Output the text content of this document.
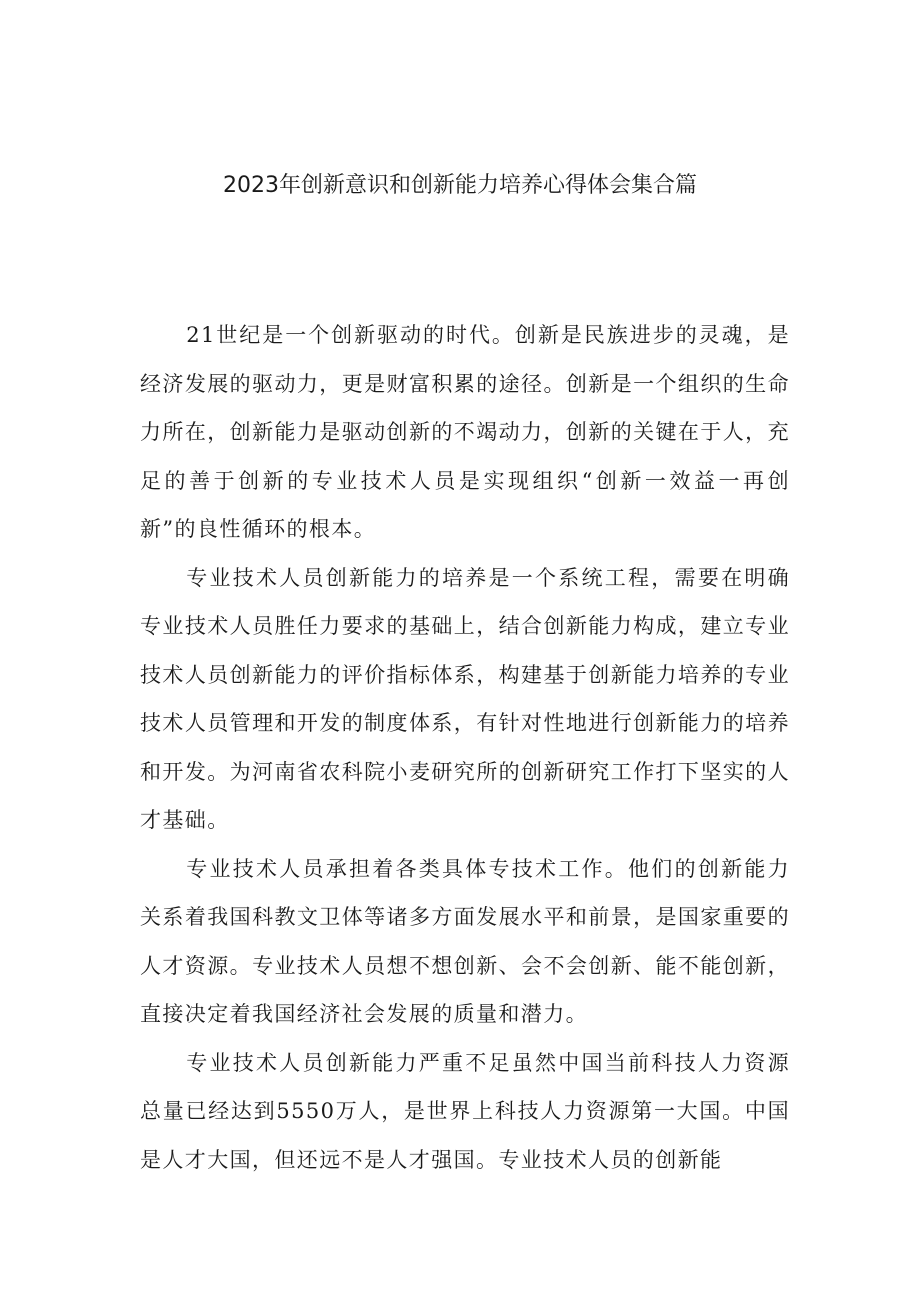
2023年创新意识和创新能力培养心得体会集合篇

21世纪是一个创新驱动的时代。创新是民族进步的灵魂，是经济发展的驱动力，更是财富积累的途径。创新是一个组织的生命力所在，创新能力是驱动创新的不竭动力，创新的关键在于人，充足的善于创新的专业技术人员是实现组织“创新一效益一再创新”的良性循环的根本。

专业技术人员创新能力的培养是一个系统工程，需要在明确专业技术人员胜任力要求的基础上，结合创新能力构成，建立专业技术人员创新能力的评价指标体系，构建基于创新能力培养的专业技术人员管理和开发的制度体系，有针对性地进行创新能力的培养和开发。为河南省农科院小麦研究所的创新研究工作打下坚实的人才基础。

专业技术人员承担着各类具体专技术工作。他们的创新能力关系着我国科教文卫体等诸多方面发展水平和前景，是国家重要的人才资源。专业技术人员想不想创新、会不会创新、能不能创新，直接决定着我国经济社会发展的质量和潜力。

专业技术人员创新能力严重不足虽然中国当前科技人力资源总量已经达到5550万人，是世界上科技人力资源第一大国。中国是人才大国，但还远不是人才强国。专业技术人员的创新能
